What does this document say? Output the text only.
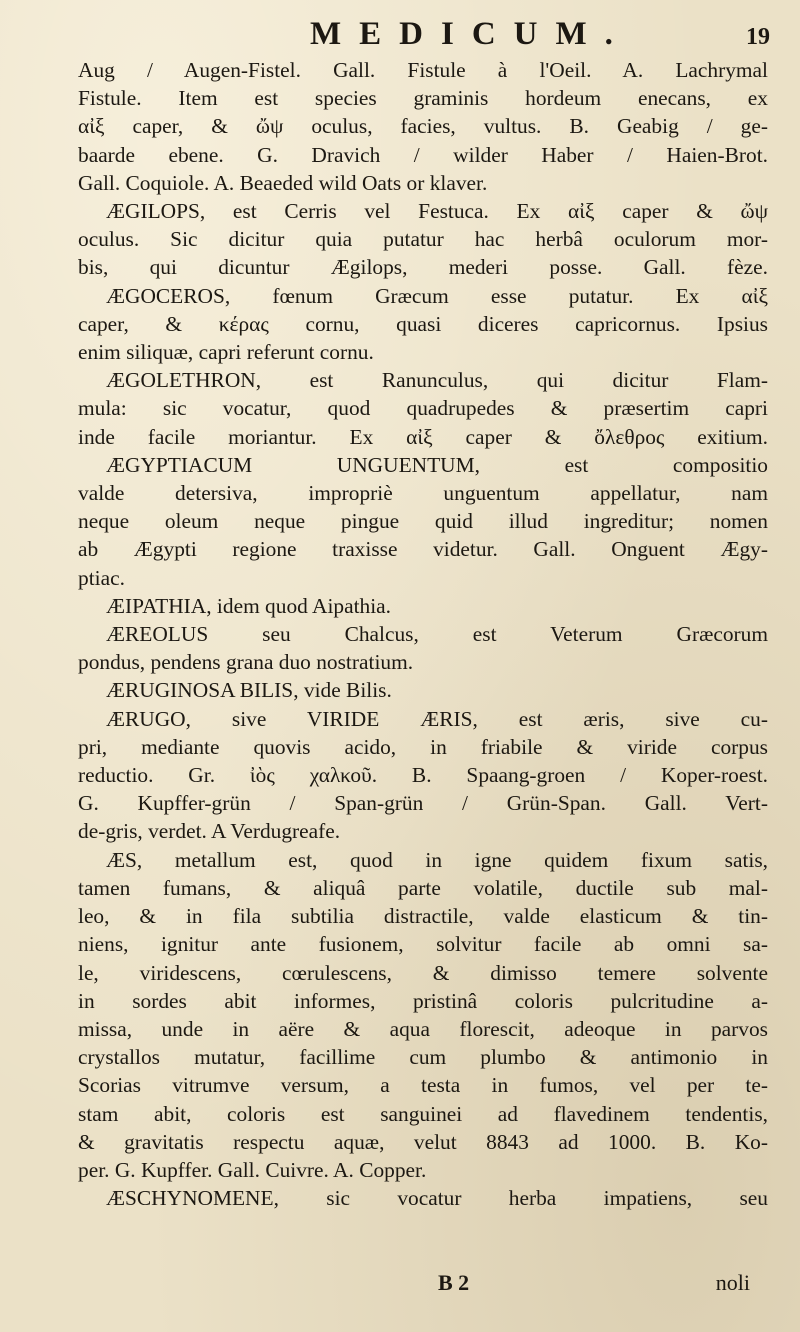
MEDICUM.	19
Aug / Augen-Fistel. Gall. Fistule à l'Oeil. A. Lachrymal
Fistule. Item est species graminis hordeum enecans, ex
αἰξ caper, & ὤψ oculus, facies, vultus. B. Geabig / ge-
baarde ebene. G. Dravich / wilder Haber / Haien-Brot.
Gall. Coquiole. A. Beaeded wild Oats or klaver.
ÆGILOPS, est Cerris vel Festuca. Ex αἰξ caper & ὤψ
oculus. Sic dicitur quia putatur hac herbâ oculorum mor-
bis, qui dicuntur Ægilops, mederi posse. Gall. fèze.
ÆGOCEROS, fœnum Græcum esse putatur. Ex αἰξ
caper, & κέρας cornu, quasi diceres capricornus. Ipsius
enim siliquæ, capri referunt cornu.
ÆGOLETHRON, est Ranunculus, qui dicitur Flam-
mula: sic vocatur, quod quadrupedes & præsertim capri
inde facile moriantur. Ex αἰξ caper & ὄλεθρος exitium.
ÆGYPTIACUM UNGUENTUM, est compositio
valde detersiva, impropriè unguentum appellatur, nam
neque oleum neque pingue quid illud ingreditur; nomen
ab Ægypti regione traxisse videtur. Gall. Onguent Ægy-
ptiac.
ÆIPATHIA, idem quod Aipathia.
ÆREOLUS seu Chalcus, est Veterum Græcorum
pondus, pendens grana duo nostratium.
ÆRUGINOSA BILIS, vide Bilis.
ÆRUGO, sive VIRIDE ÆRIS, est æris, sive cu-
pri, mediante quovis acido, in friabile & viride corpus
reductio. Gr. ἰὸς χαλκοῦ. B. Spaang-groen / Koper-roest.
G. Kupffer-grün / Span-grün / Grün-Span. Gall. Vert-
de-gris, verdet. A Verdugreafe.
ÆS, metallum est, quod in igne quidem fixum satis,
tamen fumans, & aliquâ parte volatile, ductile sub mal-
leo, & in fila subtilia distractile, valde elasticum & tin-
niens, ignitur ante fusionem, solvitur facile ab omni sa-
le, viridescens, cœrulescens, & dimisso temere solvente
in sordes abit informes, pristinâ coloris pulcritudine a-
missa, unde in aëre & aqua florescit, adeoque in parvos
crystallos mutatur, facillime cum plumbo & antimonio in
Scorias vitrumve versum, a testa in fumos, vel per te-
stam abit, coloris est sanguinei ad flavedinem tendentis,
& gravitatis respectu aquæ, velut 8843 ad 1000. B. Ko-
per. G. Kupffer. Gall. Cuivre. A. Copper.
ÆSCHYNOMENE, sic vocatur herba impatiens, seu
B 2	noli
